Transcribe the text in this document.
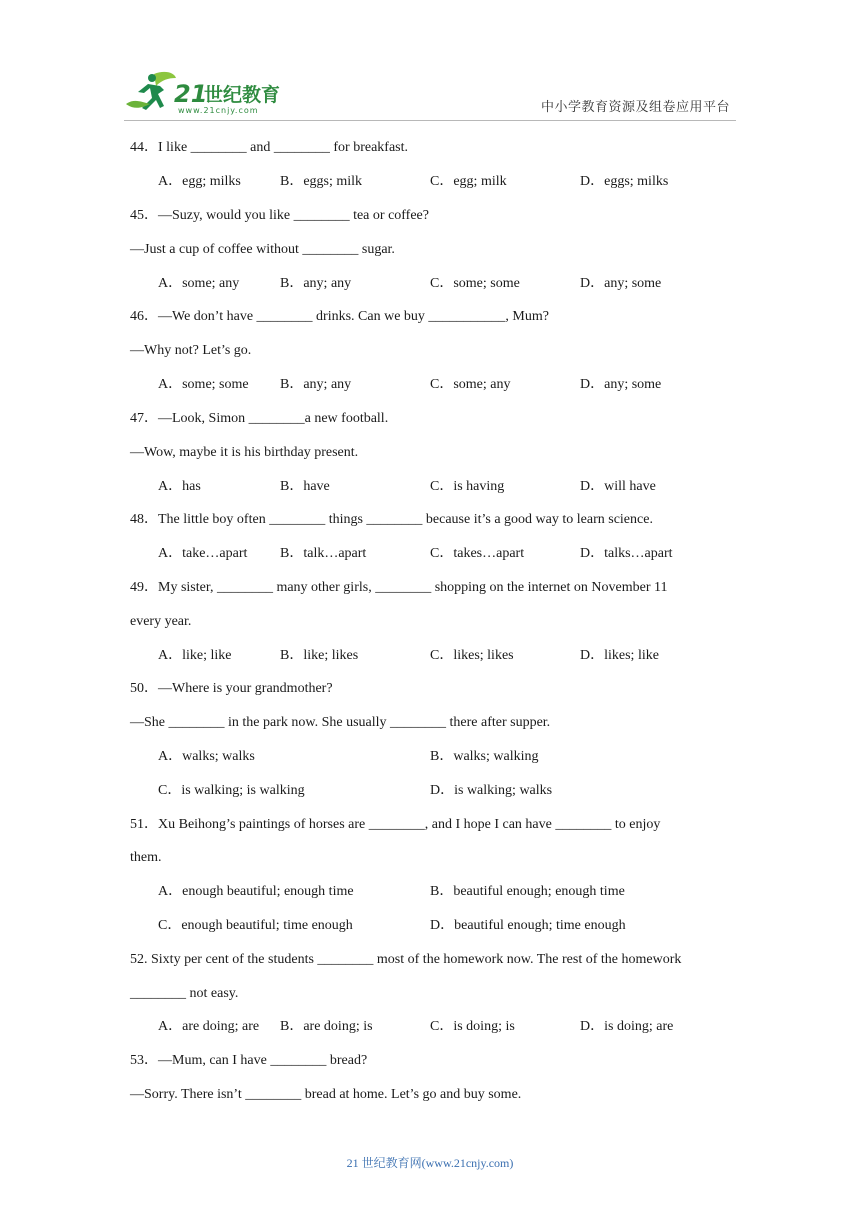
21
世纪教育
www.21cnjy.com	中小学教育资源及组卷应用平台
44．I like ________ and ________ for breakfast.
A．egg; milks	B．eggs; milk	C．egg; milk	D．eggs; milks
45．—Suzy, would you like ________ tea or coffee?
—Just a cup of coffee without ________ sugar.
A．some; any	B．any; any	C．some; some	D．any; some
46．—We don’t have ________ drinks. Can we buy ___________, Mum?
—Why not? Let’s go.
A．some; some B．any; any	C．some; any	D．any; some
47．—Look, Simon ________a new football.
—Wow, maybe it is his birthday present.
A．has	B．have	C．is having	D．will have
48．The little boy often ________ things ________ because it’s a good way to learn science.
A．take…apart B．talk…apart	C．takes…apart	D．talks…apart
49．My sister, ________ many other girls, ________ shopping on the internet on November 11
every year.
A．like; like	B．like; likes	C．likes; likes	D．likes; like
50．—Where is your grandmother?
—She ________ in the park now. She usually ________ there after supper.
A．walks; walks	B．walks; walking
C．is walking; is walking	D．is walking; walks
51．Xu Beihong’s paintings of horses are ________, and I hope I can have ________ to enjoy
them.
A．enough beautiful; enough time	B．beautiful enough; enough time
C．enough beautiful; time enough	D．beautiful enough; time enough
52. Sixty per cent of the students ________ most of the homework now. The rest of the homework
________ not easy.
A．are doing; are B．are doing; is	C．is doing; is	D．is doing; are
53．—Mum, can I have ________ bread?
—Sorry. There isn’t ________ bread at home. Let’s go and buy some.
21 世纪教育网(www.21cnjy.com)
